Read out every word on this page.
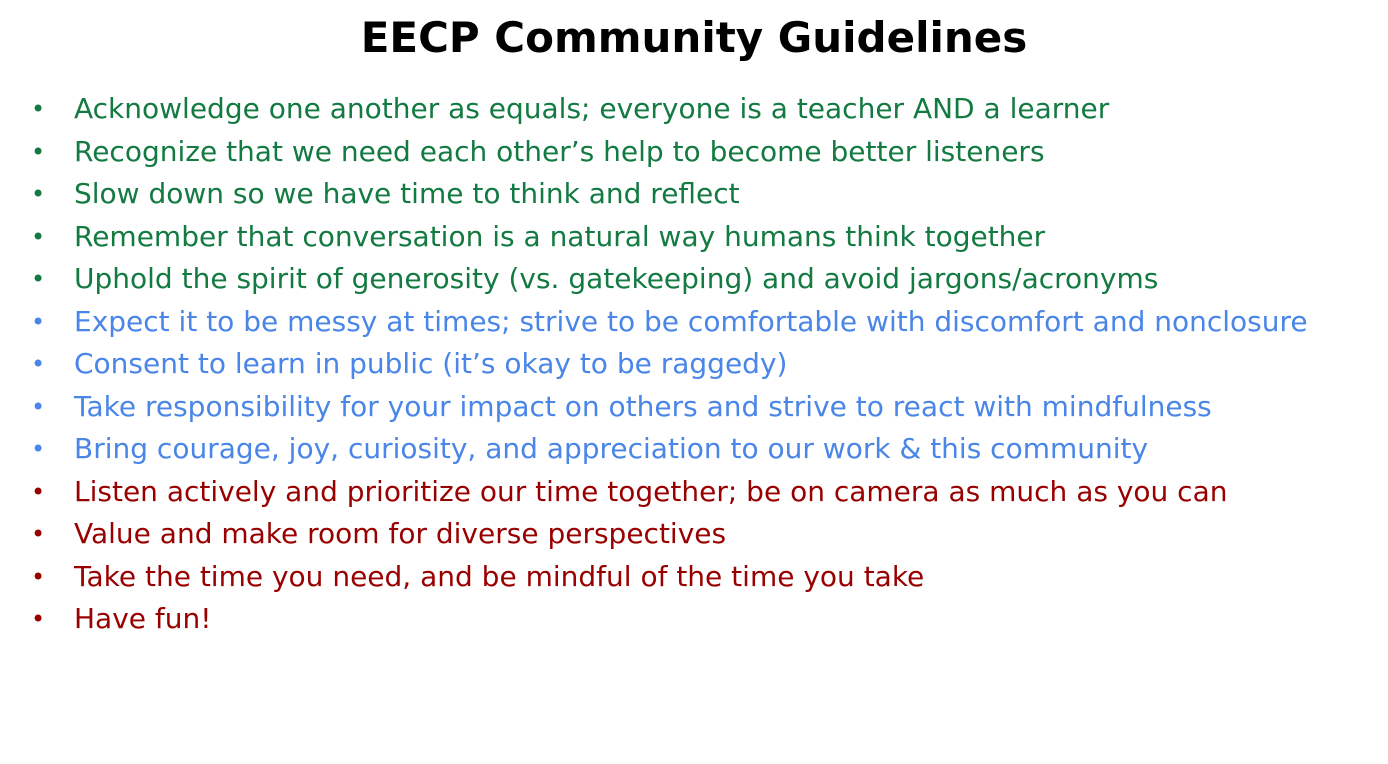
EECP Community Guidelines
• Acknowledge one another as equals; everyone is a teacher AND a learner
• Recognize that we need each other’s help to become better listeners
• Slow down so we have time to think and reflect
• Remember that conversation is a natural way humans think together
• Uphold the spirit of generosity (vs. gatekeeping) and avoid jargons/acronyms
• Expect it to be messy at times; strive to be comfortable with discomfort and nonclosure
• Consent to learn in public (it’s okay to be raggedy)
• Take responsibility for your impact on others and strive to react with mindfulness
• Bring courage, joy, curiosity, and appreciation to our work & this community
• Listen actively and prioritize our time together; be on camera as much as you can
• Value and make room for diverse perspectives
• Take the time you need, and be mindful of the time you take
• Have fun!
